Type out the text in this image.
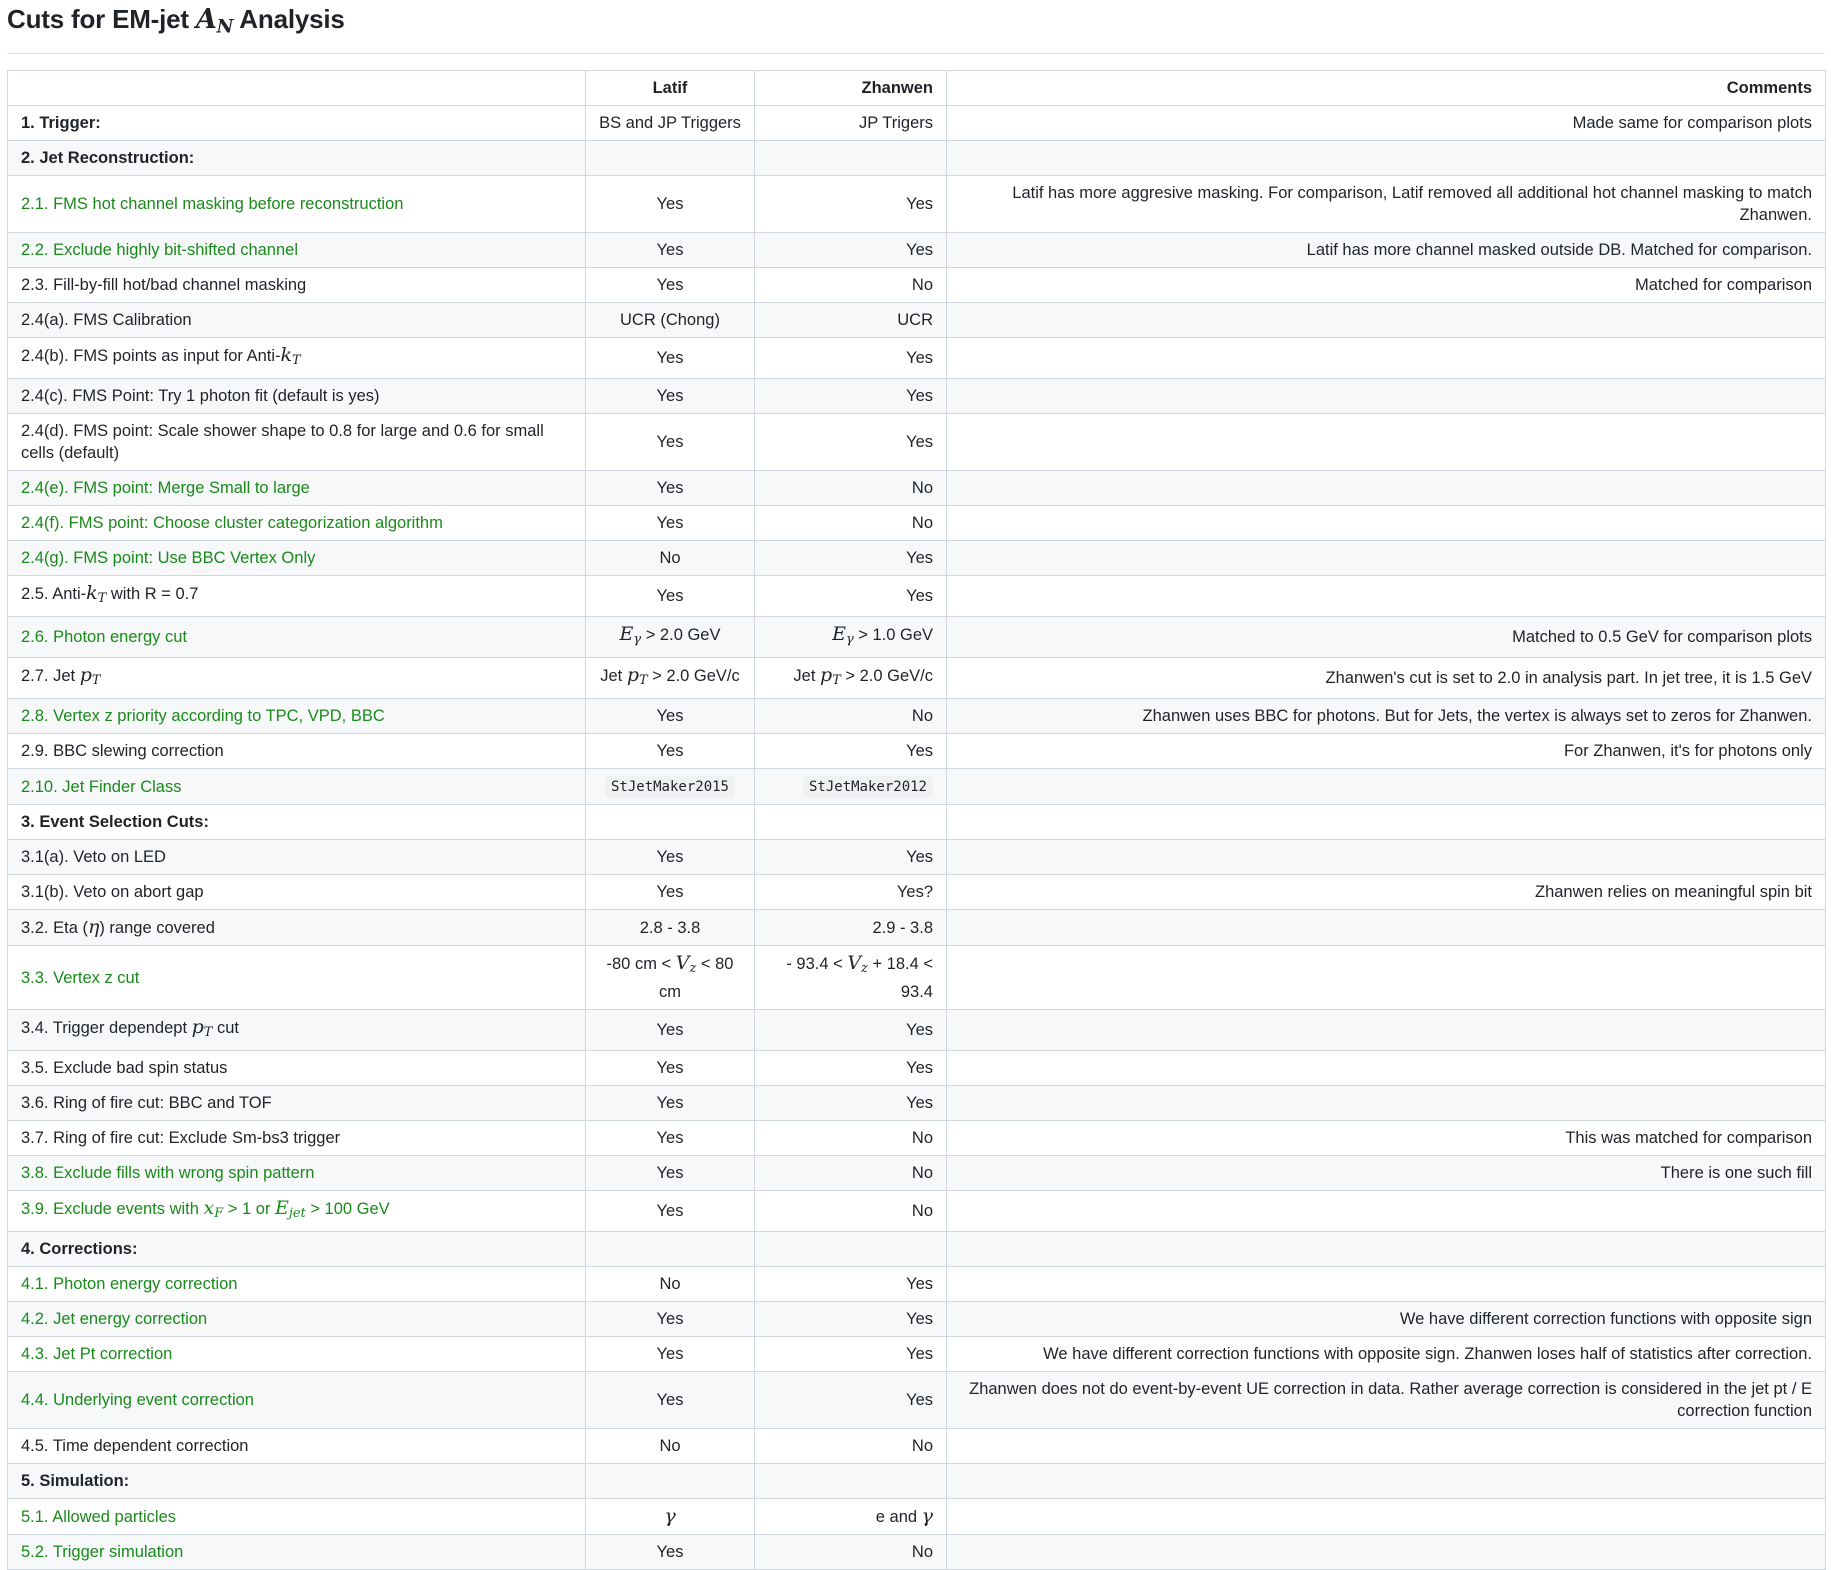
Cuts for EM-jet $A_N$ Analysis
	Latif	Zhanwen	Comments
1. Trigger:	BS and JP Triggers	JP Trigers	Made same for comparison plots
2. Jet Reconstruction:			
2.1. FMS hot channel masking before reconstruction	Yes	Yes	Latif has more aggresive masking. For comparison, Latif removed all additional hot channel masking to match Zhanwen.
2.2. Exclude highly bit-shifted channel	Yes	Yes	Latif has more channel masked outside DB. Matched for comparison.
2.3. Fill-by-fill hot/bad channel masking	Yes	No	Matched for comparison
2.4(a). FMS Calibration	UCR (Chong)	UCR	
2.4(b). FMS points as input for Anti-$k_T$	Yes	Yes	
2.4(c). FMS Point: Try 1 photon fit (default is yes)	Yes	Yes	
2.4(d). FMS point: Scale shower shape to 0.8 for large and 0.6 for small cells (default)	Yes	Yes	
2.4(e). FMS point: Merge Small to large	Yes	No	
2.4(f). FMS point: Choose cluster categorization algorithm	Yes	No	
2.4(g). FMS point: Use BBC Vertex Only	No	Yes	
2.5. Anti-$k_T$ with R = 0.7	Yes	Yes	
2.6. Photon energy cut	$E_\gamma > 2.0$ GeV	$E_\gamma > 1.0$ GeV	Matched to 0.5 GeV for comparison plots
2.7. Jet $p_T$	Jet $p_T > 2.0$ GeV/c	Jet $p_T > 2.0$ GeV/c	Zhanwen's cut is set to 2.0 in analysis part. In jet tree, it is 1.5 GeV
2.8. Vertex z priority according to TPC, VPD, BBC	Yes	No	Zhanwen uses BBC for photons. But for Jets, the vertex is always set to zeros for Zhanwen.
2.9. BBC slewing correction	Yes	Yes	For Zhanwen, it's for photons only
2.10. Jet Finder Class	StJetMaker2015	StJetMaker2012	
3. Event Selection Cuts:			
3.1(a). Veto on LED	Yes	Yes	
3.1(b). Veto on abort gap	Yes	Yes?	Zhanwen relies on meaningful spin bit
3.2. Eta (η) range covered	2.8 - 3.8	2.9 - 3.8	
3.3. Vertex z cut	-80 cm < $V_z < 80$ cm	- $93.4 < V_z + 18.4 < 93.4$	
3.4. Trigger dependept $p_T$ cut	Yes	Yes	
3.5. Exclude bad spin status	Yes	Yes	
3.6. Ring of fire cut: BBC and TOF	Yes	Yes	
3.7. Ring of fire cut: Exclude Sm-bs3 trigger	Yes	No	This was matched for comparison
3.8. Exclude fills with wrong spin pattern	Yes	No	There is one such fill
3.9. Exclude events with $x_F > 1$ or $E_{jet} > 100$ GeV	Yes	No	
4. Corrections:			
4.1. Photon energy correction	No	Yes	
4.2. Jet energy correction	Yes	Yes	We have different correction functions with opposite sign
4.3. Jet Pt correction	Yes	Yes	We have different correction functions with opposite sign. Zhanwen loses half of statistics after correction.
4.4. Underlying event correction	Yes	Yes	Zhanwen does not do event-by-event UE correction in data. Rather average correction is considered in the jet pt / E correction function
4.5. Time dependent correction	No	No	
5. Simulation:			
5.1. Allowed particles	γ	e and γ	
5.2. Trigger simulation	Yes	No	
